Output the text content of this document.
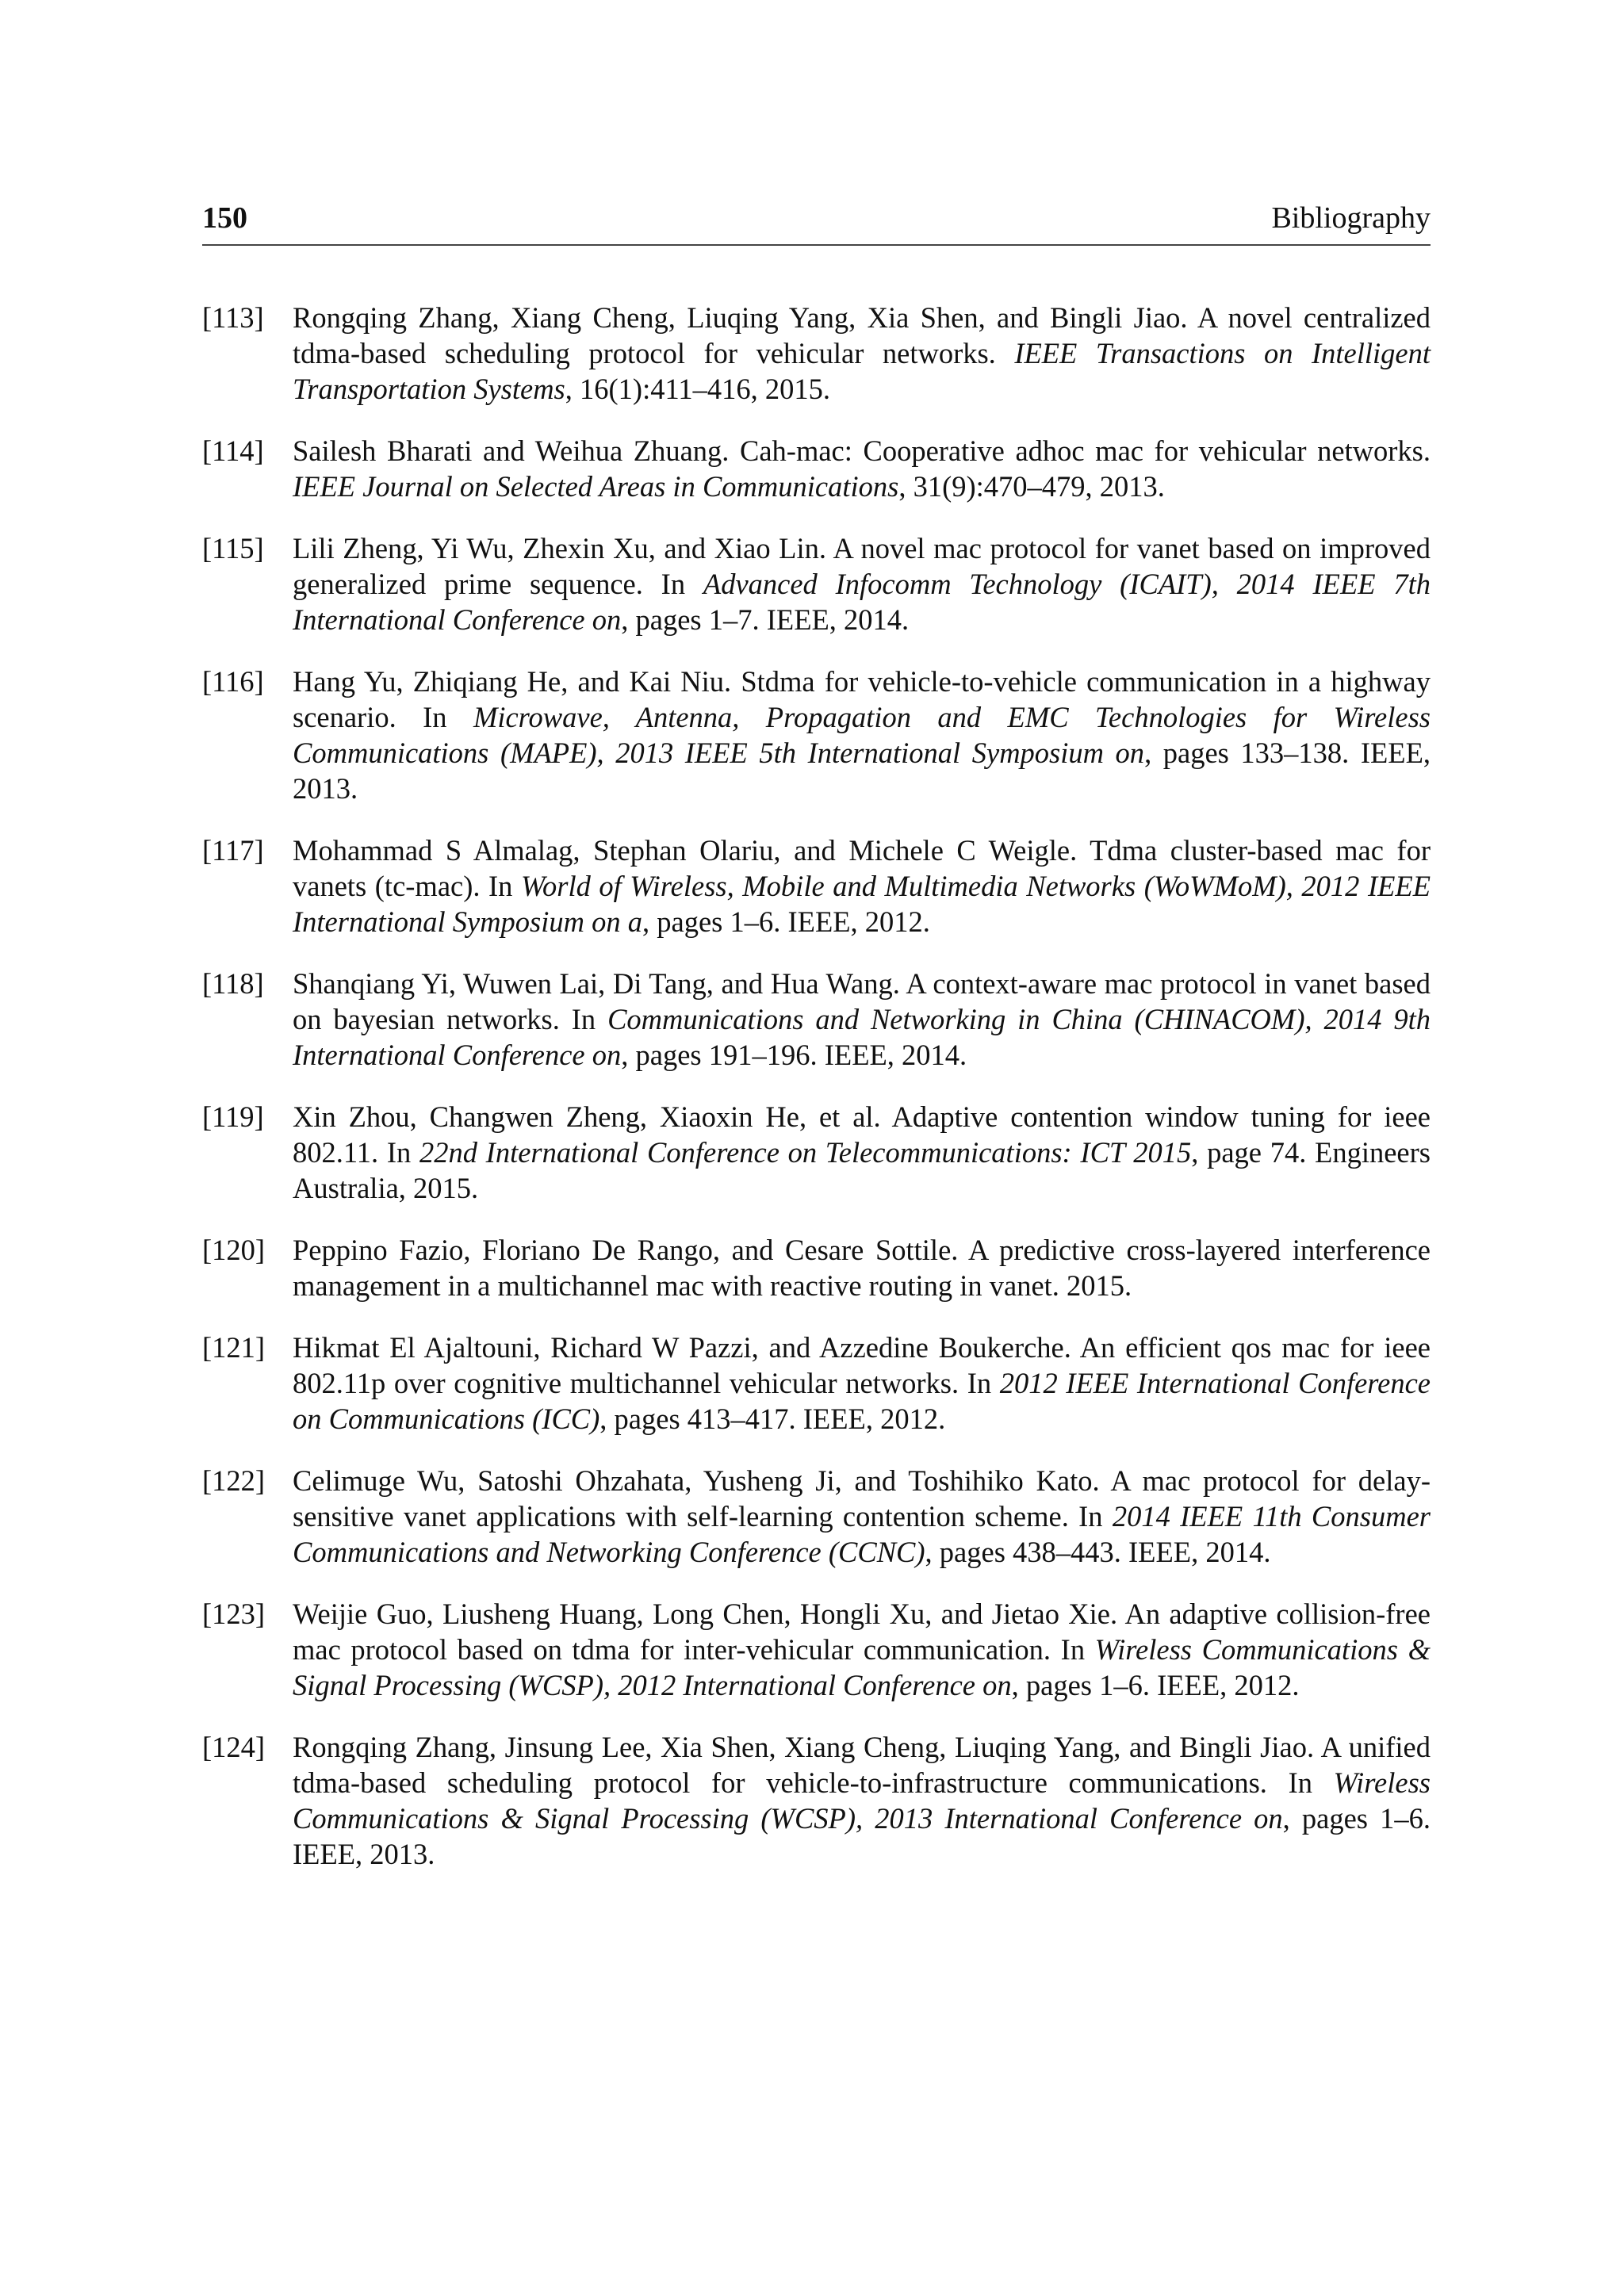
150	Bibliography
[113] Rongqing Zhang, Xiang Cheng, Liuqing Yang, Xia Shen, and Bingli Jiao. A novel centralized tdma-based scheduling protocol for vehicular networks. IEEE Transactions on Intelligent Transportation Systems, 16(1):411–416, 2015.
[114] Sailesh Bharati and Weihua Zhuang. Cah-mac: Cooperative adhoc mac for vehicular networks. IEEE Journal on Selected Areas in Communications, 31(9):470–479, 2013.
[115] Lili Zheng, Yi Wu, Zhexin Xu, and Xiao Lin. A novel mac protocol for vanet based on improved generalized prime sequence. In Advanced Infocomm Technology (ICAIT), 2014 IEEE 7th International Conference on, pages 1–7. IEEE, 2014.
[116] Hang Yu, Zhiqiang He, and Kai Niu. Stdma for vehicle-to-vehicle communication in a highway scenario. In Microwave, Antenna, Propagation and EMC Technologies for Wireless Communications (MAPE), 2013 IEEE 5th International Symposium on, pages 133–138. IEEE, 2013.
[117] Mohammad S Almalag, Stephan Olariu, and Michele C Weigle. Tdma cluster-based mac for vanets (tc-mac). In World of Wireless, Mobile and Multimedia Networks (WoWMoM), 2012 IEEE International Symposium on a, pages 1–6. IEEE, 2012.
[118] Shanqiang Yi, Wuwen Lai, Di Tang, and Hua Wang. A context-aware mac protocol in vanet based on bayesian networks. In Communications and Networking in China (CHINACOM), 2014 9th International Conference on, pages 191–196. IEEE, 2014.
[119] Xin Zhou, Changwen Zheng, Xiaoxin He, et al. Adaptive contention window tuning for ieee 802.11. In 22nd International Conference on Telecommunications: ICT 2015, page 74. Engineers Australia, 2015.
[120] Peppino Fazio, Floriano De Rango, and Cesare Sottile. A predictive cross-layered interference management in a multichannel mac with reactive routing in vanet. 2015.
[121] Hikmat El Ajaltouni, Richard W Pazzi, and Azzedine Boukerche. An efficient qos mac for ieee 802.11p over cognitive multichannel vehicular networks. In 2012 IEEE International Conference on Communications (ICC), pages 413–417. IEEE, 2012.
[122] Celimuge Wu, Satoshi Ohzahata, Yusheng Ji, and Toshihiko Kato. A mac protocol for delay-sensitive vanet applications with self-learning contention scheme. In 2014 IEEE 11th Consumer Communications and Networking Conference (CCNC), pages 438–443. IEEE, 2014.
[123] Weijie Guo, Liusheng Huang, Long Chen, Hongli Xu, and Jietao Xie. An adaptive collision-free mac protocol based on tdma for inter-vehicular communication. In Wireless Communications & Signal Processing (WCSP), 2012 International Conference on, pages 1–6. IEEE, 2012.
[124] Rongqing Zhang, Jinsung Lee, Xia Shen, Xiang Cheng, Liuqing Yang, and Bingli Jiao. A unified tdma-based scheduling protocol for vehicle-to-infrastructure communications. In Wireless Communications & Signal Processing (WCSP), 2013 International Conference on, pages 1–6. IEEE, 2013.
